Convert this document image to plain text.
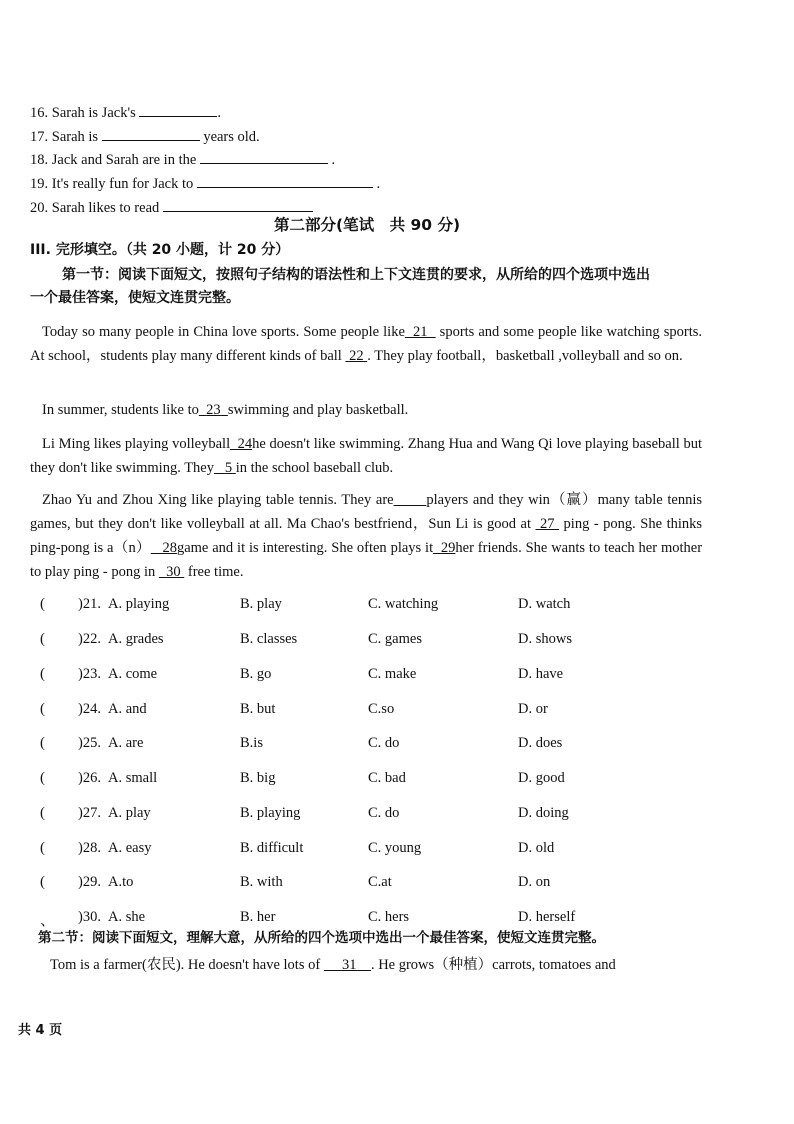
16. Sarah is Jack's	.
17. Sarah is	years old.
18. Jack and Sarah are in the	.
19. It's really fun for Jack to	.
20. Sarah likes to read
第二部分(笔试　共 90 分)
III. 完形填空。（共 20 小题，计 20 分）
第一节：阅读下面短文，按照句子结构的语法性和上下文连贯的要求，从所给的四个选项中选出
一个最佳答案，使短文连贯完整。
Today so many people in China love sports. Some people like 21   sports and some people like watching sports. At school，students play many different kinds of ball  22 . They play football，basketball ,volleyball and so on.
In summer, students like to 23 swimming and play basketball.
Li Ming likes playing volleyball 24he doesn't like swimming. Zhang Hua and Wang Qi love playing baseball but they don't like swimming. They 5 in the school baseball club.
Zhao Yu and Zhou Xing like playing table tennis. They are players and they win（赢）many table tennis games, but they don't like volleyball at all. Ma Chao's bestfriend，Sun Li is good at  27  ping - pong. She thinks ping-pong is a（n） 28game and it is interesting. She often plays it 29her friends. She wants to teach her mother to play ping - pong in   30  free time.
( )21. A. playing	B. play	C. watching	D. watch
( )22. A. grades	B. classes	C. games	D. shows
( )23. A. come	B. go	C. make	D. have
( )24. A. and	B. but	C.so	D. or
( )25. A. are	B.is	C. do	D. does
( )26. A. small	B. big	C. bad	D. good
( )27. A. play	B. playing	C. do	D. doing
( )28. A. easy	B. difficult	C. young	D. old
( )29. A.to	B. with	C.at	D. on
、 )30. A. she	B. her	C. hers	D. herself
第二节：阅读下面短文，理解大意，从所给的四个选项中选出一个最佳答案，使短文连贯完整。
Tom is a farmer(农民). He doesn't have lots of 31 . He grows（种植）carrots, tomatoes and
共 4 页
